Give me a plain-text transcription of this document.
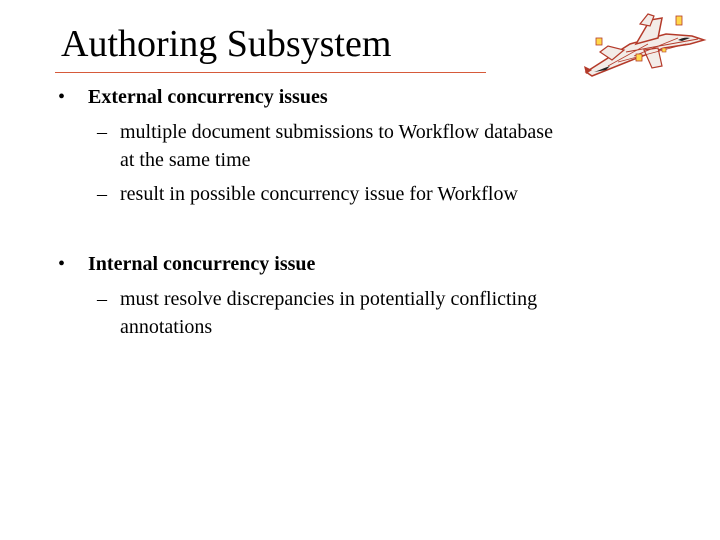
Authoring Subsystem
• External concurrency issues
– multiple document submissions to Workflow database
at the same time
– result in possible concurrency issue for Workflow
• Internal concurrency issue
– must resolve discrepancies in potentially conflicting
annotations
